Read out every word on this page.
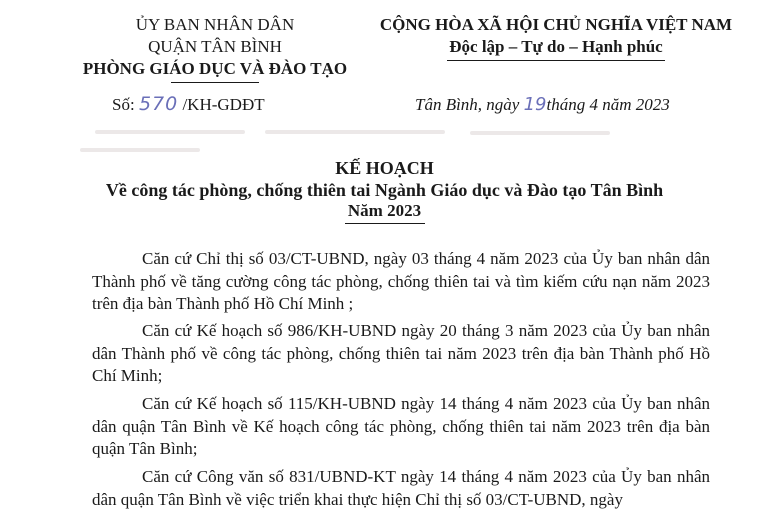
ỦY BAN NHÂN DÂN
QUẬN TÂN BÌNH
PHÒNG GIÁO DỤC VÀ ĐÀO TẠO
CỘNG HÒA XÃ HỘI CHỦ NGHĨA VIỆT NAM
Độc lập – Tự do – Hạnh phúc
Số: 570 /KH-GDĐT	Tân Bình, ngày 19tháng 4 năm 2023
KẾ HOẠCH
Về công tác phòng, chống thiên tai Ngành Giáo dục và Đào tạo Tân Bình
Năm 2023
Căn cứ Chỉ thị số 03/CT-UBND, ngày 03 tháng 4 năm 2023 của Ủy ban nhân dân Thành phố về tăng cường công tác phòng, chống thiên tai và tìm kiếm cứu nạn năm 2023 trên địa bàn Thành phố Hồ Chí Minh ;
Căn cứ Kế hoạch số 986/KH-UBND ngày 20 tháng 3 năm 2023 của Ủy ban nhân dân Thành phố về công tác phòng, chống thiên tai năm 2023 trên địa bàn Thành phố Hồ Chí Minh;
Căn cứ Kế hoạch số 115/KH-UBND ngày 14 tháng 4 năm 2023 của Ủy ban nhân dân quận Tân Bình về Kế hoạch công tác phòng, chống thiên tai năm 2023 trên địa bàn quận Tân Bình;
Căn cứ Công văn số 831/UBND-KT ngày 14 tháng 4 năm 2023 của Ủy ban nhân dân quận Tân Bình về việc triển khai thực hiện Chỉ thị số 03/CT-UBND, ngày
